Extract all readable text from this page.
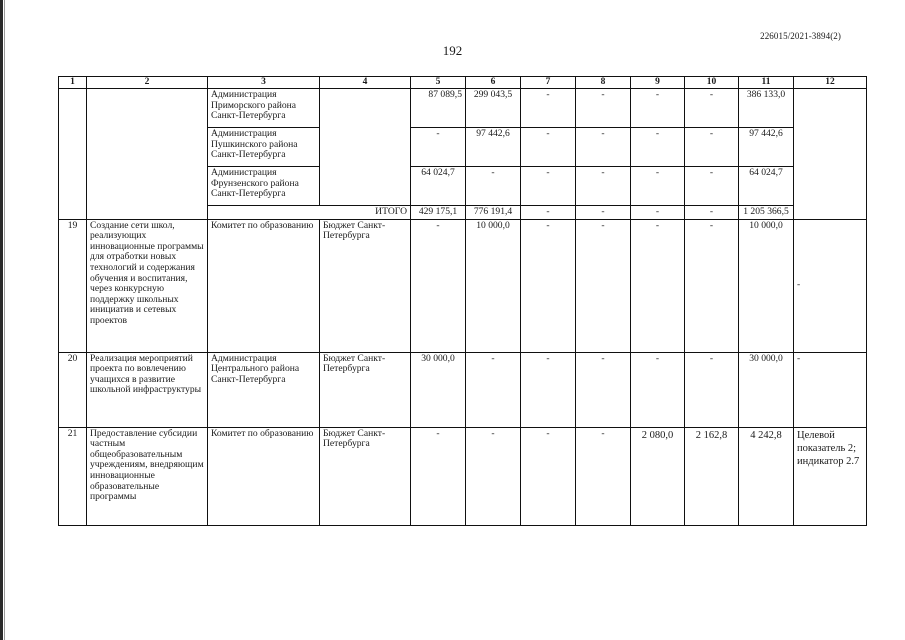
226015/2021-3894(2)
192
1	2	3	4	5	6	7	8	9	10	11	12
		Администрация Приморского района Санкт-Петербурга		87 089,5	299 043,5	-	-	-	-	386 133,0	
		Администрация Пушкинского района Санкт-Петербурга		-	97 442,6	-	-	-	-	97 442,6	
		Администрация Фрунзенского района Санкт-Петербурга		64 024,7	-	-	-	-	-	64 024,7	
		ИТОГО		429 175,1	776 191,4	-	-	-	-	1 205 366,5	
19	Создание сети школ, реализующих инновационные программы для отработки новых технологий и содержания обучения и воспитания, через конкурсную поддержку школьных инициатив и сетевых проектов	Комитет по образованию	Бюджет Санкт-Петербурга	-	10 000,0	-	-	-	-	10 000,0	-
20	Реализация мероприятий проекта по вовлечению учащихся в развитие школьной инфраструктуры	Администрация Центрального района Санкт-Петербурга	Бюджет Санкт-Петербурга	30 000,0	-	-	-	-	-	30 000,0	-
21	Предоставление субсидии частным общеобразовательным учреждениям, внедряющим инновационные образовательные программы	Комитет по образованию	Бюджет Санкт-Петербурга	-	-	-	-	2 080,0	2 162,8	4 242,8	Целевой показатель 2; индикатор 2.7
